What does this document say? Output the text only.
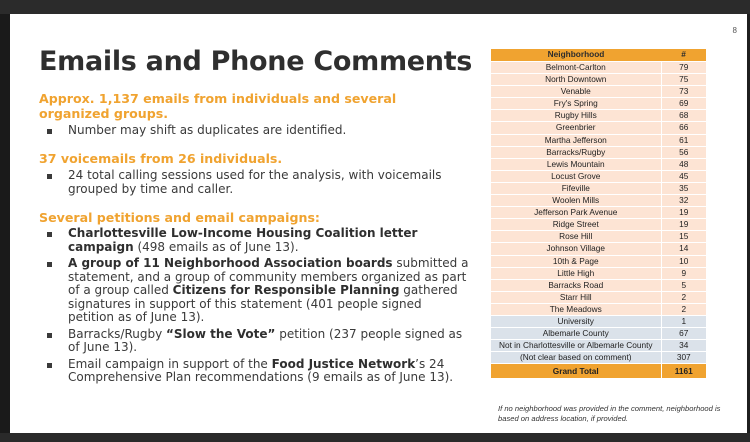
8
Emails and Phone Comments
Approx. 1,137 emails from individuals and several organized groups.
Number may shift as duplicates are identified.
37 voicemails from 26 individuals.
24 total calling sessions used for the analysis, with voicemails grouped by time and caller.
Several petitions and email campaigns:
Charlottesville Low-Income Housing Coalition letter campaign (498 emails as of June 13).
A group of 11 Neighborhood Association boards submitted a statement, and a group of community members organized as part of a group called Citizens for Responsible Planning gathered signatures in support of this statement (401 people signed petition as of June 13).
Barracks/Rugby “Slow the Vote” petition (237 people signed as of June 13).
Email campaign in support of the Food Justice Network’s 24 Comprehensive Plan recommendations (9 emails as of June 13).
Neighborhood	#
Belmont-Carlton	79
North Downtown	75
Venable	73
Fry's Spring	69
Rugby Hills	68
Greenbrier	66
Martha Jefferson	61
Barracks/Rugby	56
Lewis Mountain	48
Locust Grove	45
Fifeville	35
Woolen Mills	32
Jefferson Park Avenue	19
Ridge Street	19
Rose Hill	15
Johnson Village	14
10th & Page	10
Little High	9
Barracks Road	5
Starr Hill	2
The Meadows	2
University	1
Albemarle County	67
Not in Charlottesville or Albemarle County	34
(Not clear based on comment)	307
Grand Total	1161
If no neighborhood was provided in the comment, neighborhood is based on address location, if provided.
